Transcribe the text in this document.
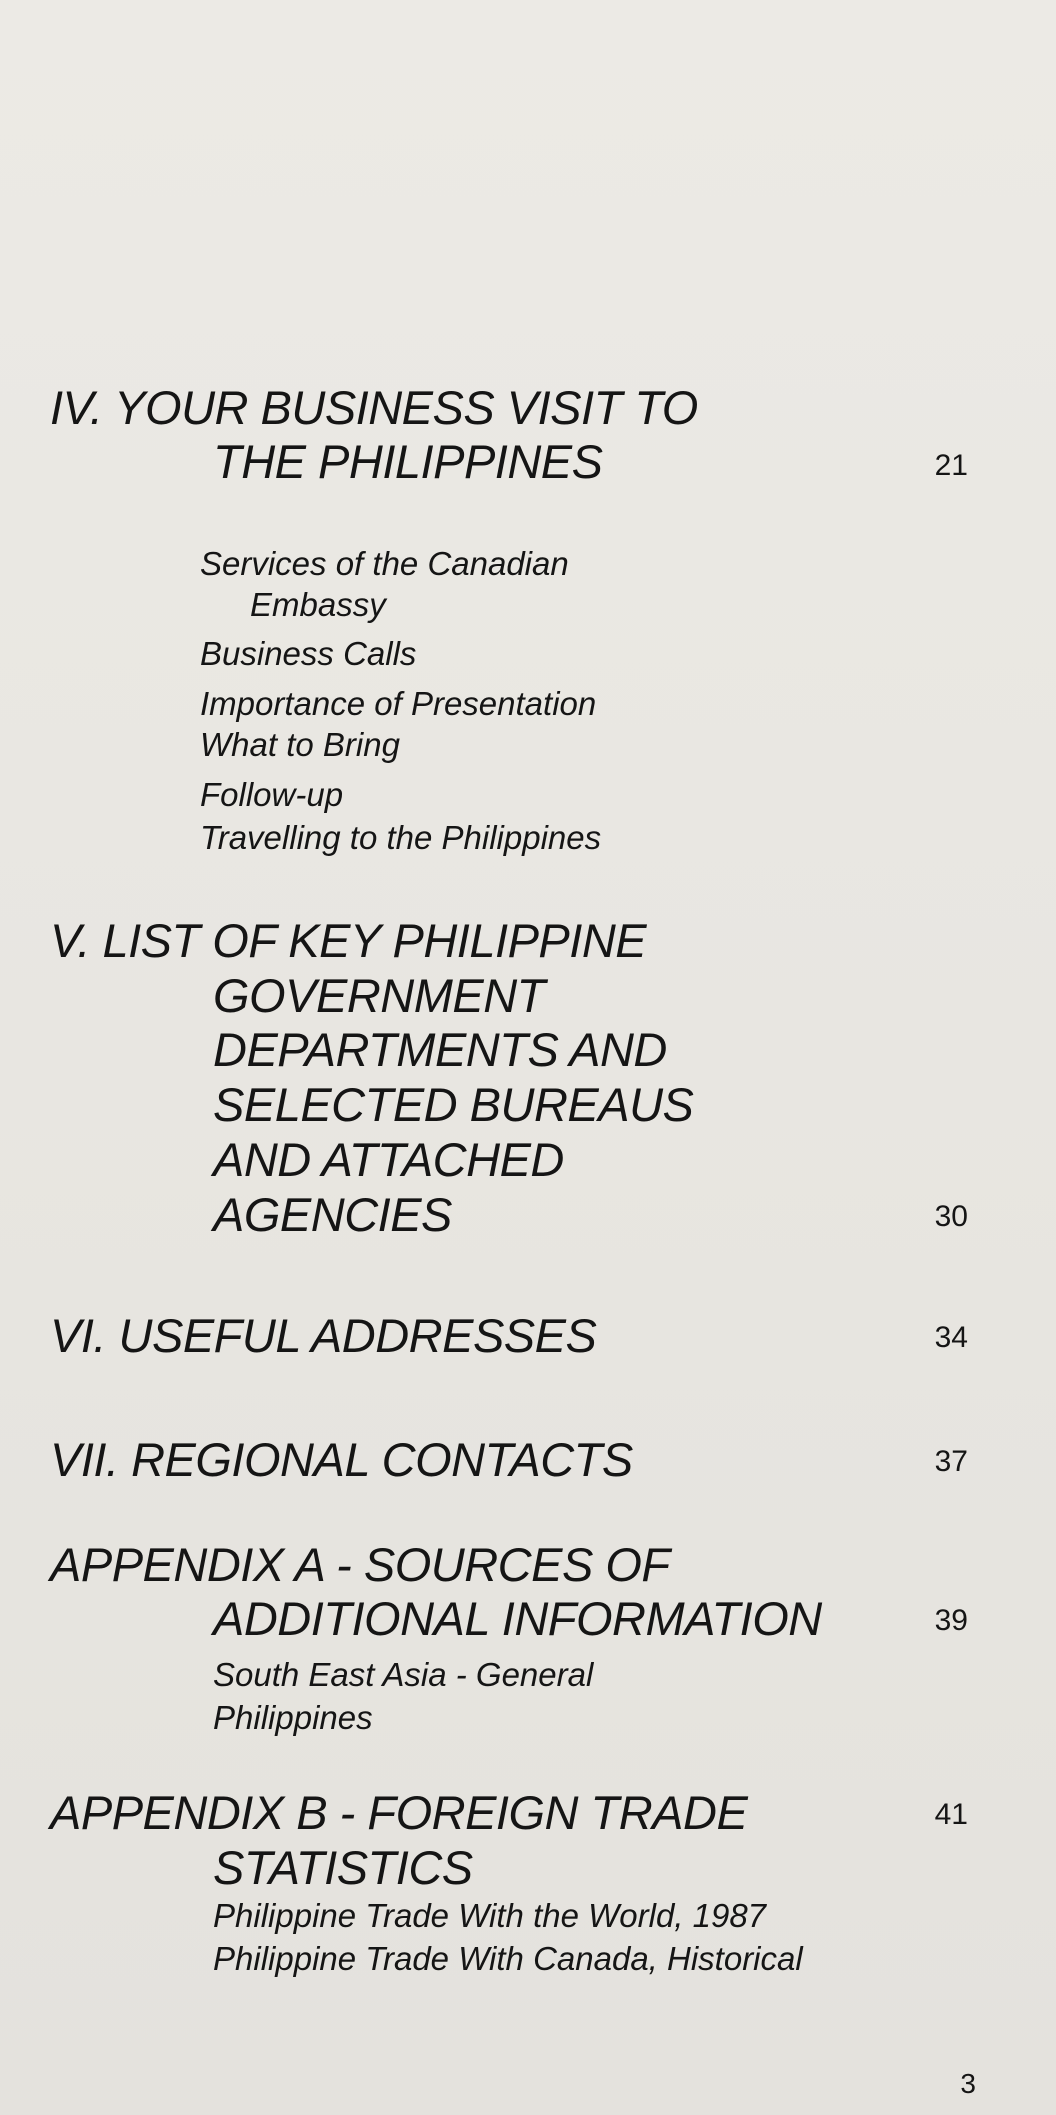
IV. YOUR BUSINESS VISIT TO
THE PHILIPPINES	21
Services of the Canadian
Embassy
Business Calls
Importance of Presentation
What to Bring
Follow-up
Travelling to the Philippines
V. LIST OF KEY PHILIPPINE
GOVERNMENT
DEPARTMENTS AND
SELECTED BUREAUS
AND ATTACHED
AGENCIES	30
VI. USEFUL ADDRESSES	34
VII. REGIONAL CONTACTS	37
APPENDIX A - SOURCES OF
ADDITIONAL INFORMATION	39
South East Asia - General
Philippines
APPENDIX B - FOREIGN TRADE	41
STATISTICS
Philippine Trade With the World, 1987
Philippine Trade With Canada, Historical
3
